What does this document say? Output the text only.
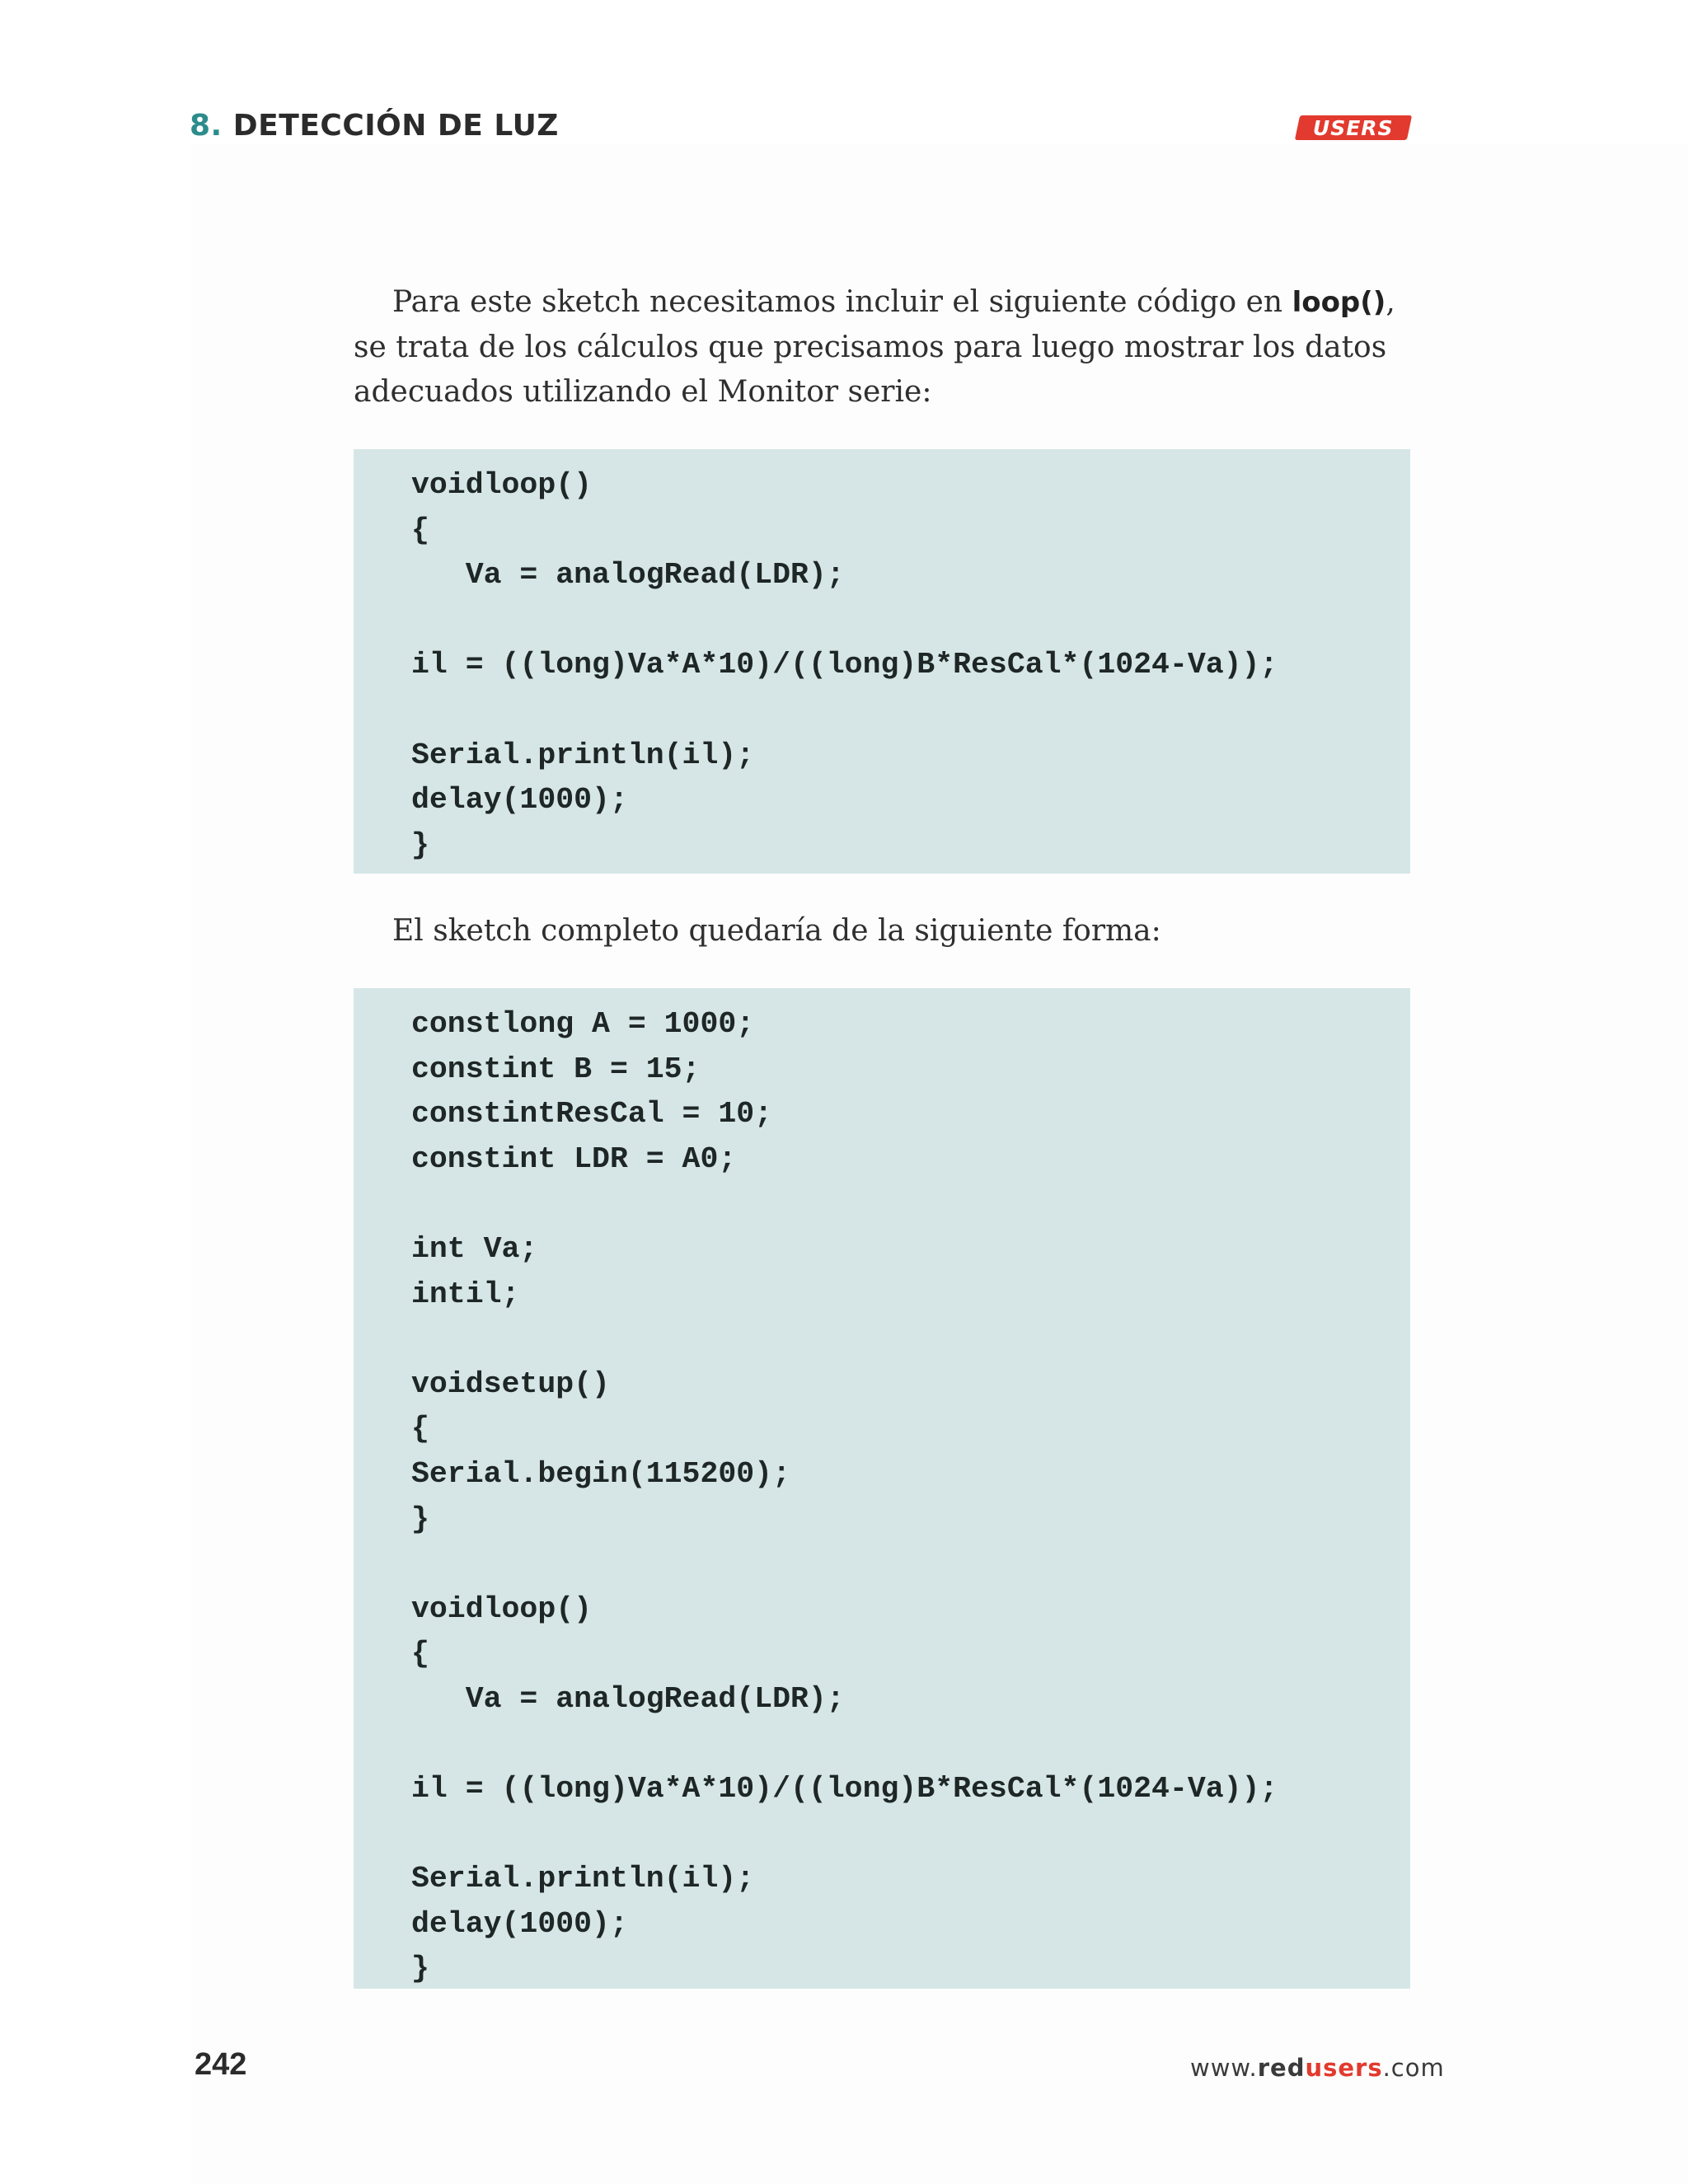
8. DETECCIÓN DE LUZ	USERS

Para este sketch necesitamos incluir el siguiente código en loop(), se trata de los cálculos que precisamos para luego mostrar los datos adecuados utilizando el Monitor serie:

voidloop()
{
Va = analogRead(LDR);
il = ((long)Va*A*10)/((long)B*ResCal*(1024-Va));
Serial.println(il);
delay(1000);
}

El sketch completo quedaría de la siguiente forma:

constlong A = 1000;
constint B = 15;
constintResCal = 10;
constint LDR = A0;
int Va;
intil;
voidsetup()
{
Serial.begin(115200);
}
voidloop()
{
Va = analogRead(LDR);
il = ((long)Va*A*10)/((long)B*ResCal*(1024-Va));
Serial.println(il);
delay(1000);
}
242	www.redusers.com
